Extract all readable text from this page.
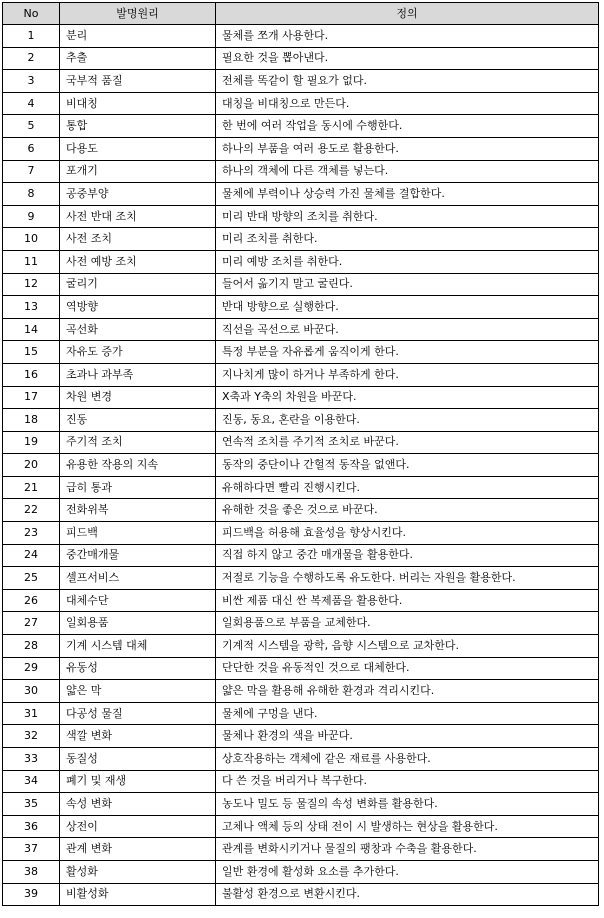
No	발명원리	정의
1	분리	물체를 쪼개 사용한다.
2	추출	필요한 것을 뽑아낸다.
3	국부적 품질	전체를 똑같이 할 필요가 없다.
4	비대칭	대칭을 비대칭으로 만든다.
5	통합	한 번에 여러 작업을 동시에 수행한다.
6	다용도	하나의 부품을 여러 용도로 활용한다.
7	포개기	하나의 객체에 다른 객체를 넣는다.
8	공중부양	물체에 부력이나 상승력 가진 물체를 결합한다.
9	사전 반대 조치	미리 반대 방향의 조치를 취한다.
10	사전 조치	미리 조치를 취한다.
11	사전 예방 조치	미리 예방 조치를 취한다.
12	굴리기	들어서 옮기지 말고 굴린다.
13	역방향	반대 방향으로 실행한다.
14	곡선화	직선을 곡선으로 바꾼다.
15	자유도 증가	특정 부분을 자유롭게 움직이게 한다.
16	초과나 과부족	지나치게 많이 하거나 부족하게 한다.
17	차원 변경	X축과 Y축의 차원을 바꾼다.
18	진동	진동, 동요, 혼란을 이용한다.
19	주기적 조치	연속적 조치를 주기적 조치로 바꾼다.
20	유용한 작용의 지속	동작의 중단이나 간헐적 동작을 없앤다.
21	급히 통과	유해하다면 빨리 진행시킨다.
22	전화위복	유해한 것을 좋은 것으로 바꾼다.
23	피드백	피드백을 허용해 효율성을 향상시킨다.
24	중간매개물	직접 하지 않고 중간 매개물을 활용한다.
25	셀프서비스	저절로 기능을 수행하도록 유도한다. 버리는 자원을 활용한다.
26	대체수단	비싼 제품 대신 싼 복제품을 활용한다.
27	일회용품	일회용품으로 부품을 교체한다.
28	기계 시스템 대체	기계적 시스템을 광학, 음향 시스템으로 교차한다.
29	유동성	단단한 것을 유동적인 것으로 대체한다.
30	얇은 막	얇은 막을 활용해 유해한 환경과 격리시킨다.
31	다공성 물질	물체에 구멍을 낸다.
32	색깔 변화	물체나 환경의 색을 바꾼다.
33	동질성	상호작용하는 객체에 같은 재료를 사용한다.
34	폐기 및 재생	다 쓴 것을 버리거나 복구한다.
35	속성 변화	농도나 밀도 등 물질의 속성 변화를 활용한다.
36	상전이	고체나 액체 등의 상태 전이 시 발생하는 현상을 활용한다.
37	관계 변화	관계를 변화시키거나 물질의 팽창과 수축을 활용한다.
38	활성화	일반 환경에 활성화 요소를 추가한다.
39	비활성화	불활성 환경으로 변환시킨다.
